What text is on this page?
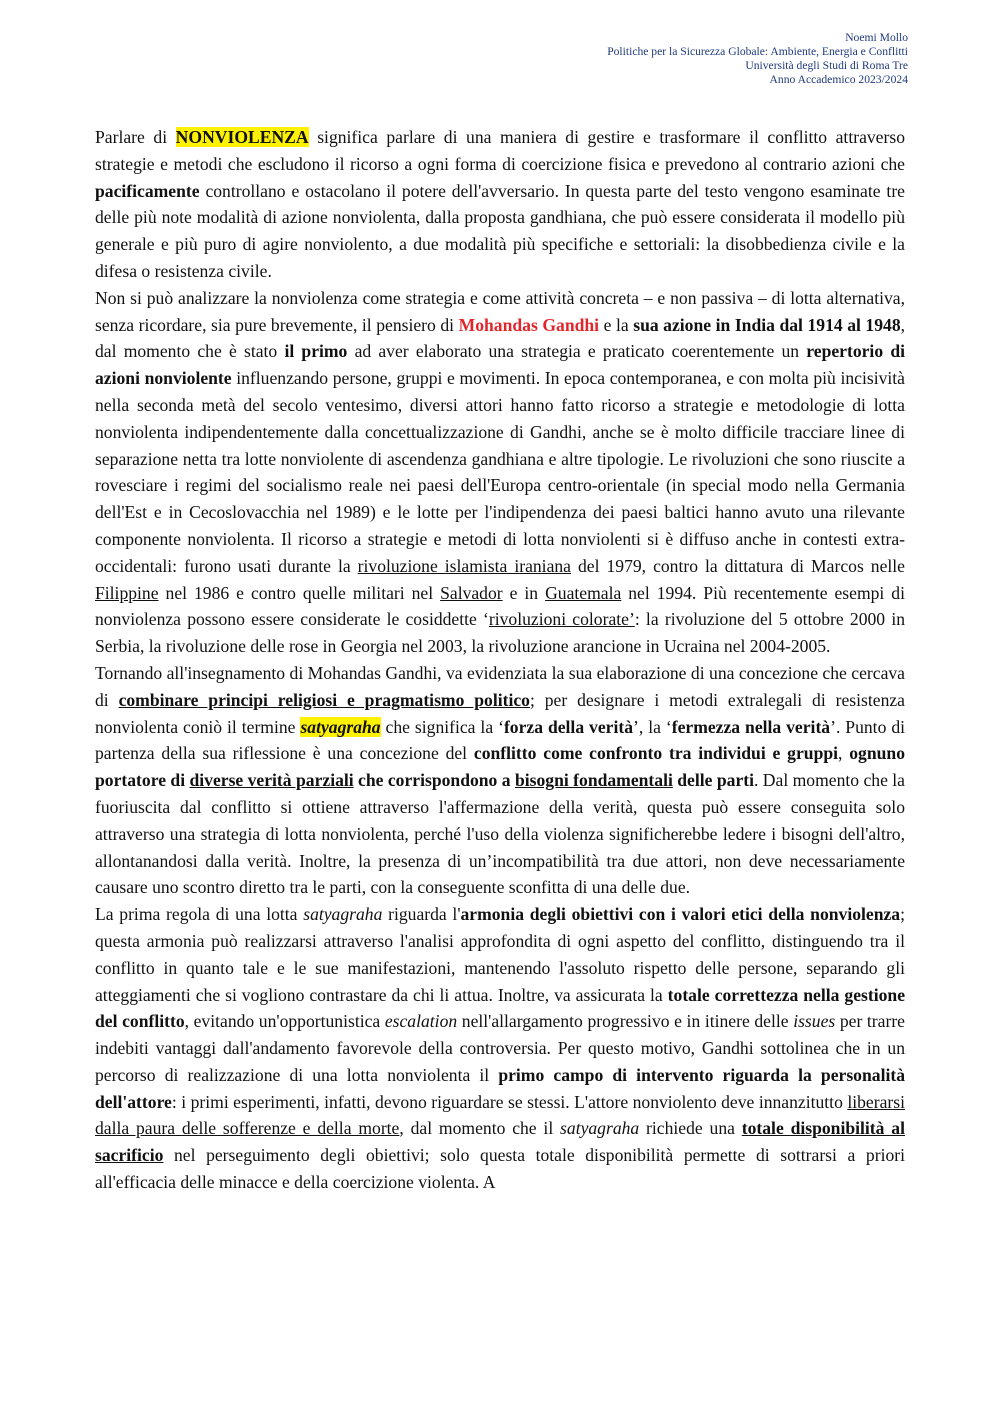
Noemi Mollo
Politiche per la Sicurezza Globale: Ambiente, Energia e Conflitti
Università degli Studi di Roma Tre
Anno Accademico 2023/2024

Parlare di NONVIOLENZA significa parlare di una maniera di gestire e trasformare il conflitto attraverso strategie e metodi che escludono il ricorso a ogni forma di coercizione fisica e prevedono al contrario azioni che pacificamente controllano e ostacolano il potere dell'avversario. In questa parte del testo vengono esaminate tre delle più note modalità di azione nonviolenta, dalla proposta gandhiana, che può essere considerata il modello più generale e più puro di agire nonviolento, a due modalità più specifiche e settoriali: la disobbedienza civile e la difesa o resistenza civile.

Non si può analizzare la nonviolenza come strategia e come attività concreta – e non passiva – di lotta alternativa, senza ricordare, sia pure brevemente, il pensiero di Mohandas Gandhi e la sua azione in India dal 1914 al 1948, dal momento che è stato il primo ad aver elaborato una strategia e praticato coerentemente un repertorio di azioni nonviolente influenzando persone, gruppi e movimenti. In epoca contemporanea, e con molta più incisività nella seconda metà del secolo ventesimo, diversi attori hanno fatto ricorso a strategie e metodologie di lotta nonviolenta indipendentemente dalla concettualizzazione di Gandhi, anche se è molto difficile tracciare linee di separazione netta tra lotte nonviolente di ascendenza gandhiana e altre tipologie. Le rivoluzioni che sono riuscite a rovesciare i regimi del socialismo reale nei paesi dell'Europa centro-orientale (in special modo nella Germania dell'Est e in Cecoslovacchia nel 1989) e le lotte per l'indipendenza dei paesi baltici hanno avuto una rilevante componente nonviolenta. Il ricorso a strategie e metodi di lotta nonviolenti si è diffuso anche in contesti extra-occidentali: furono usati durante la rivoluzione islamista iraniana del 1979, contro la dittatura di Marcos nelle Filippine nel 1986 e contro quelle militari nel Salvador e in Guatemala nel 1994. Più recentemente esempi di nonviolenza possono essere considerate le cosiddette ‘rivoluzioni colorate’: la rivoluzione del 5 ottobre 2000 in Serbia, la rivoluzione delle rose in Georgia nel 2003, la rivoluzione arancione in Ucraina nel 2004-2005.

Tornando all'insegnamento di Mohandas Gandhi, va evidenziata la sua elaborazione di una concezione che cercava di combinare principi religiosi e pragmatismo politico; per designare i metodi extralegali di resistenza nonviolenta coniò il termine satyagraha che significa la ‘forza della verità’, la ‘fermezza nella verità’. Punto di partenza della sua riflessione è una concezione del conflitto come confronto tra individui e gruppi, ognuno portatore di diverse verità parziali che corrispondono a bisogni fondamentali delle parti. Dal momento che la fuoriuscita dal conflitto si ottiene attraverso l'affermazione della verità, questa può essere conseguita solo attraverso una strategia di lotta nonviolenta, perché l'uso della violenza significherebbe ledere i bisogni dell'altro, allontanandosi dalla verità. Inoltre, la presenza di un’incompatibilità tra due attori, non deve necessariamente causare uno scontro diretto tra le parti, con la conseguente sconfitta di una delle due.

La prima regola di una lotta satyagraha riguarda l'armonia degli obiettivi con i valori etici della nonviolenza; questa armonia può realizzarsi attraverso l'analisi approfondita di ogni aspetto del conflitto, distinguendo tra il conflitto in quanto tale e le sue manifestazioni, mantenendo l'assoluto rispetto delle persone, separando gli atteggiamenti che si vogliono contrastare da chi li attua. Inoltre, va assicurata la totale correttezza nella gestione del conflitto, evitando un'opportunistica escalation nell'allargamento progressivo e in itinere delle issues per trarre indebiti vantaggi dall'andamento favorevole della controversia. Per questo motivo, Gandhi sottolinea che in un percorso di realizzazione di una lotta nonviolenta il primo campo di intervento riguarda la personalità dell'attore: i primi esperimenti, infatti, devono riguardare se stessi. L'attore nonviolento deve innanzitutto liberarsi dalla paura delle sofferenze e della morte, dal momento che il satyagraha richiede una totale disponibilità al sacrificio nel perseguimento degli obiettivi; solo questa totale disponibilità permette di sottrarsi a priori all'efficacia delle minacce e della coercizione violenta. A
